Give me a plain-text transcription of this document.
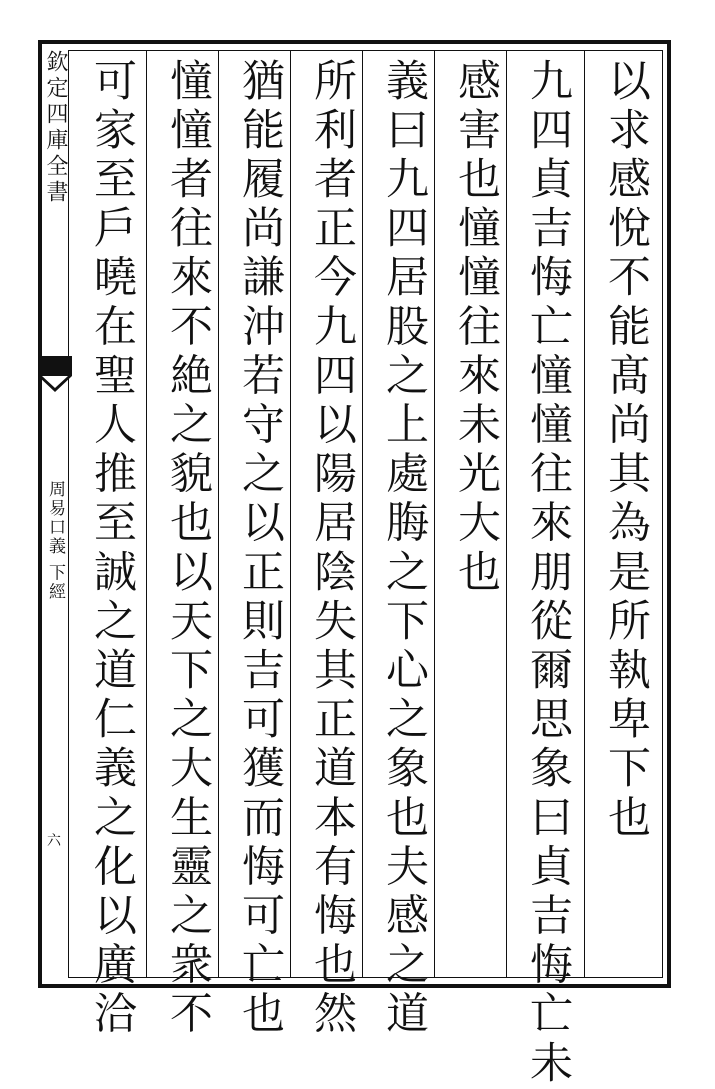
欽定四庫全書
周易口義 下經
六	以求感悅不能髙尚其為是所執卑下也
九四貞吉悔亡憧憧往來朋從爾思象曰貞吉悔亡未
感害也憧憧往來未光大也
義曰九四居股之上處脢之下心之象也夫感之道
所利者正今九四以陽居陰失其正道本有悔也然
猶能履尚謙沖若守之以正則吉可獲而悔可亡也
憧憧者往來不絶之貌也以天下之大生靈之衆不
可家至戶曉在聖人推至誠之道仁義之化以廣洽
